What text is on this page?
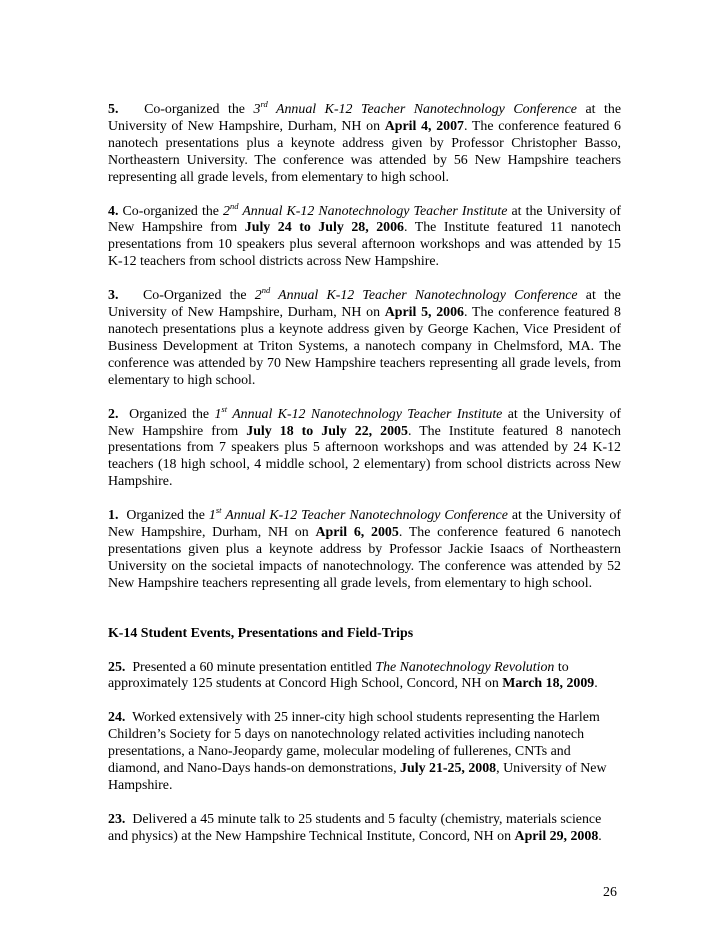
5. Co-organized the 3rd Annual K-12 Teacher Nanotechnology Conference at the University of New Hampshire, Durham, NH on April 4, 2007. The conference featured 6 nanotech presentations plus a keynote address given by Professor Christopher Basso, Northeastern University. The conference was attended by 56 New Hampshire teachers representing all grade levels, from elementary to high school.

4. Co-organized the 2nd Annual K-12 Nanotechnology Teacher Institute at the University of New Hampshire from July 24 to July 28, 2006. The Institute featured 11 nanotech presentations from 10 speakers plus several afternoon workshops and was attended by 15 K-12 teachers from school districts across New Hampshire.

3. Co-Organized the 2nd Annual K-12 Teacher Nanotechnology Conference at the University of New Hampshire, Durham, NH on April 5, 2006. The conference featured 8 nanotech presentations plus a keynote address given by George Kachen, Vice President of Business Development at Triton Systems, a nanotech company in Chelmsford, MA. The conference was attended by 70 New Hampshire teachers representing all grade levels, from elementary to high school.

2. Organized the 1st Annual K-12 Nanotechnology Teacher Institute at the University of New Hampshire from July 18 to July 22, 2005. The Institute featured 8 nanotech presentations from 7 speakers plus 5 afternoon workshops and was attended by 24 K-12 teachers (18 high school, 4 middle school, 2 elementary) from school districts across New Hampshire.

1. Organized the 1st Annual K-12 Teacher Nanotechnology Conference at the University of New Hampshire, Durham, NH on April 6, 2005. The conference featured 6 nanotech presentations given plus a keynote address by Professor Jackie Isaacs of Northeastern University on the societal impacts of nanotechnology. The conference was attended by 52 New Hampshire teachers representing all grade levels, from elementary to high school.

K-14 Student Events, Presentations and Field-Trips

25. Presented a 60 minute presentation entitled The Nanotechnology Revolution to approximately 125 students at Concord High School, Concord, NH on March 18, 2009.

24. Worked extensively with 25 inner-city high school students representing the Harlem Children’s Society for 5 days on nanotechnology related activities including nanotech presentations, a Nano-Jeopardy game, molecular modeling of fullerenes, CNTs and diamond, and Nano-Days hands-on demonstrations, July 21-25, 2008, University of New Hampshire.

23. Delivered a 45 minute talk to 25 students and 5 faculty (chemistry, materials science and physics) at the New Hampshire Technical Institute, Concord, NH on April 29, 2008.

26
